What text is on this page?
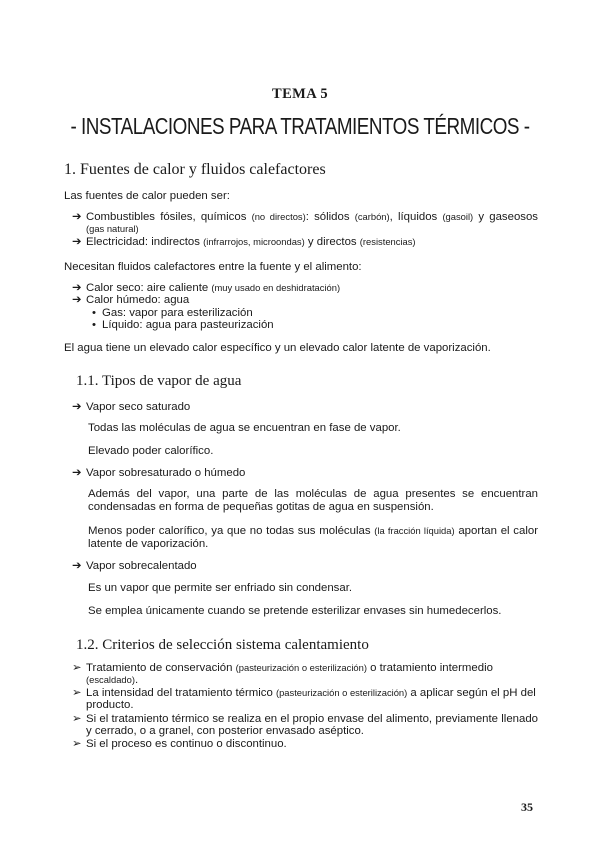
TEMA 5
- INSTALACIONES PARA TRATAMIENTOS TÉRMICOS -
1. Fuentes de calor y fluidos calefactores
Las fuentes de calor pueden ser:
➔ Combustibles fósiles, químicos (no directos): sólidos (carbón), líquidos (gasoil) y gaseosos (gas natural)
➔ Electricidad: indirectos (infrarrojos, microondas) y directos (resistencias)
Necesitan fluidos calefactores entre la fuente y el alimento:
➔ Calor seco: aire caliente (muy usado en deshidratación)
➔ Calor húmedo: agua
• Gas: vapor para esterilización
• Líquido: agua para pasteurización
El agua tiene un elevado calor específico y un elevado calor latente de vaporización.
1.1. Tipos de vapor de agua
➔ Vapor seco saturado
Todas las moléculas de agua se encuentran en fase de vapor.
Elevado poder calorífico.
➔ Vapor sobresaturado o húmedo
Además del vapor, una parte de las moléculas de agua presentes se encuentran condensadas en forma de pequeñas gotitas de agua en suspensión.
Menos poder calorífico, ya que no todas sus moléculas (la fracción líquida) aportan el calor latente de vaporización.
➔ Vapor sobrecalentado
Es un vapor que permite ser enfriado sin condensar.
Se emplea únicamente cuando se pretende esterilizar envases sin humedecerlos.
1.2. Criterios de selección sistema calentamiento
➢ Tratamiento de conservación (pasteurización o esterilización) o tratamiento intermedio (escaldado).
➢ La intensidad del tratamiento térmico (pasteurización o esterilización) a aplicar según el pH del producto.
➢ Si el tratamiento térmico se realiza en el propio envase del alimento, previamente llenado y cerrado, o a granel, con posterior envasado aséptico.
➢ Si el proceso es continuo o discontinuo.
35
